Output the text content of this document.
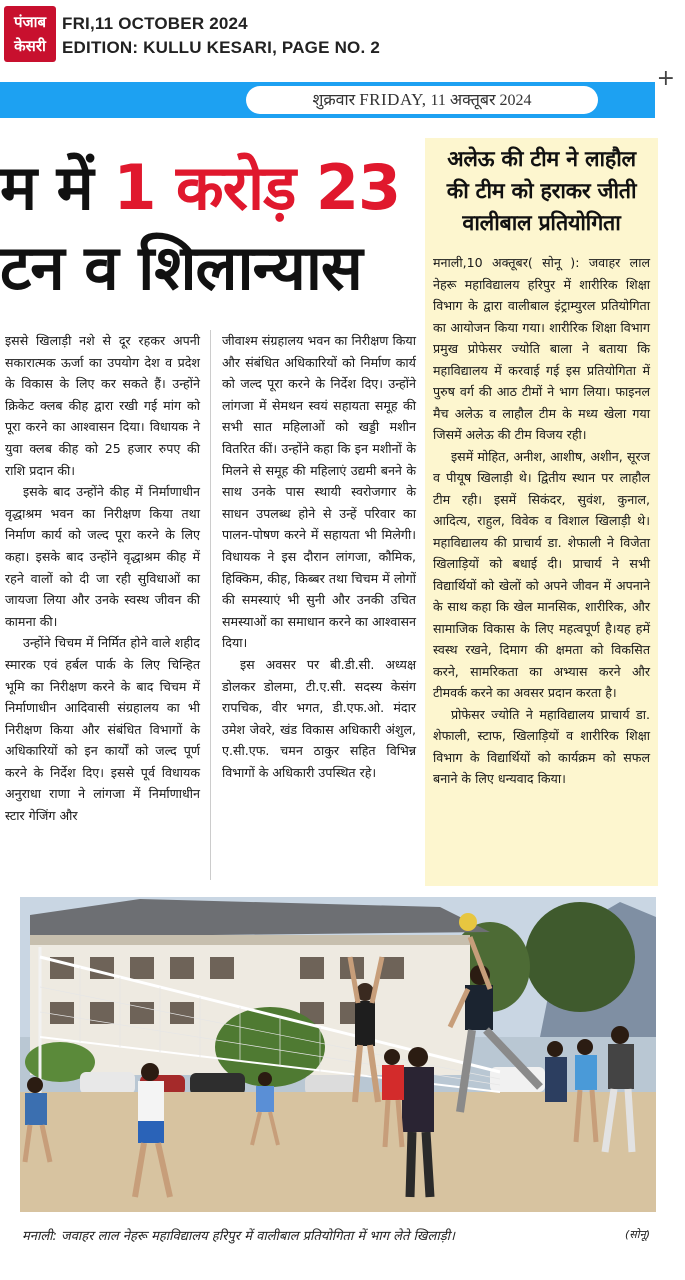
पंजाब
केसरी
FRI,11 OCTOBER 2024
EDITION: KULLU KESARI, PAGE NO. 2
+
शुक्रवार FRIDAY, 11 अक्तूबर 2024
म में 1 करोड़ 23
टन व शिलान्यास

इससे खिलाड़ी नशे से दूर रहकर अपनी सकारात्मक ऊर्जा का उपयोग देश व प्रदेश के विकास के लिए कर सकते हैं। उन्होंने क्रिकेट क्लब कीह द्वारा रखी गई मांग को पूरा करने का आश्वासन दिया। विधायक ने युवा क्लब कीह को 25 हजार रुपए की राशि प्रदान की।

इसके बाद उन्होंने कीह में निर्माणाधीन वृद्धाश्रम भवन का निरीक्षण किया तथा निर्माण कार्य को जल्द पूरा करने के लिए कहा। इसके बाद उन्होंने वृद्धाश्रम कीह में रहने वालों को दी जा रही सुविधाओं का जायजा लिया और उनके स्वस्थ जीवन की कामना की।

उन्होंने चिचम में निर्मित होने वाले शहीद स्मारक एवं हर्बल पार्क के लिए चिन्हित भूमि का निरीक्षण करने के बाद चिचम में निर्माणाधीन आदिवासी संग्रहालय का भी निरीक्षण किया और संबंधित विभागों के अधिकारियों को इन कार्यों को जल्द पूर्ण करने के निर्देश दिए। इससे पूर्व विधायक अनुराधा राणा ने लांगजा में निर्माणाधीन स्टार गेजिंग और

जीवाश्म संग्रहालय भवन का निरीक्षण किया और संबंधित अधिकारियों को निर्माण कार्य को जल्द पूरा करने के निर्देश दिए। उन्होंने लांगजा में सेमथन स्वयं सहायता समूह की सभी सात महिलाओं को खड्डी मशीन वितरित कीं। उन्होंने कहा कि इन मशीनों के मिलने से समूह की महिलाएं उद्यमी बनने के साथ उनके पास स्थायी स्वरोजगार के साधन उपलब्ध होने से उन्हें परिवार का पालन-पोषण करने में सहायता भी मिलेगी। विधायक ने इस दौरान लांगजा, कौमिक, हिक्किम, कीह, किब्बर तथा चिचम में लोगों की समस्याएं भी सुनी और उनकी उचित समस्याओं का समाधान करने का आश्वासन दिया।

इस अवसर पर बी.डी.सी. अध्यक्ष डोलकर डोलमा, टी.ए.सी. सदस्य केसंग रापचिक, वीर भगत, डी.एफ.ओ. मंदार उमेश जेवरे, खंड विकास अधिकारी अंशुल, ए.सी.एफ. चमन ठाकुर सहित विभिन्न विभागों के अधिकारी उपस्थित रहे।

अलेऊ की टीम ने लाहौल
की टीम को हराकर जीती
वालीबाल प्रतियोगिता

मनाली,10 अक्तूबर( सोनू ): जवाहर लाल नेहरू महाविद्यालय हरिपुर में शारीरिक शिक्षा विभाग के द्वारा वालीबाल इंट्राम्युरल प्रतियोगिता का आयोजन किया गया। शारीरिक शिक्षा विभाग प्रमुख प्रोफेसर ज्योति बाला ने बताया कि महाविद्यालय में करवाई गई इस प्रतियोगिता में पुरुष वर्ग की आठ टीमों ने भाग लिया। फाइनल मैच अलेऊ व लाहौल टीम के मध्य खेला गया जिसमें अलेऊ की टीम विजय रही।

इसमें मोहित, अनीश, आशीष, अशीन, सूरज व पीयूष खिलाड़ी थे। द्वितीय स्थान पर लाहौल टीम रही। इसमें सिकंदर, सुवंश, कुनाल, आदित्य, राहुल, विवेक व विशाल खिलाड़ी थे। महाविद्यालय की प्राचार्य डा. शेफाली ने विजेता खिलाड़ियों को बधाई दी। प्राचार्य ने सभी विद्यार्थियों को खेलों को अपने जीवन में अपनाने के साथ कहा कि खेल मानसिक, शारीरिक, और सामाजिक विकास के लिए महत्वपूर्ण है।यह हमें स्वस्थ रखने, दिमाग की क्षमता को विकसित करने, सामरिकता का अभ्यास करने और टीमवर्क करने का अवसर प्रदान करता है।

प्रोफेसर ज्योति ने महाविद्यालय प्राचार्य डा. शेफाली, स्टाफ, खिलाड़ियों व शारीरिक शिक्षा विभाग के विद्यार्थियों को कार्यक्रम को सफल बनाने के लिए धन्यवाद किया।

मनाली: जवाहर लाल नेहरू महाविद्यालय हरिपुर में वालीबाल प्रतियोगिता में भाग लेते खिलाड़ी।	(सोनू)
